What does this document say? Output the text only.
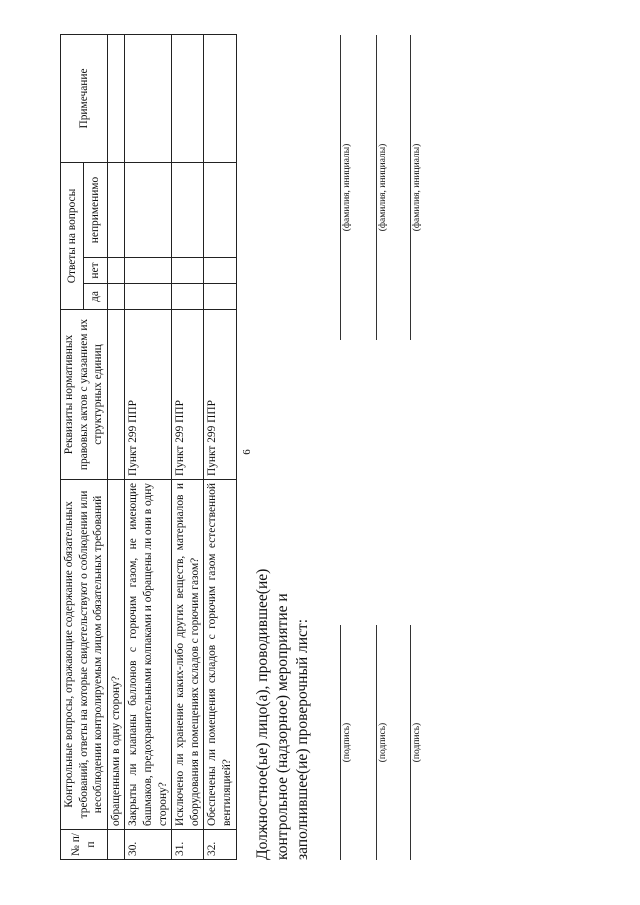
6
№ п/п	Контрольные вопросы, отражающие содержание обязательных требований, ответы на которые свидетельствуют о соблюдении или несоблюдении контролируемым лицом обязательных требований	Реквизиты нормативных правовых актов с указанием их структурных единиц	Ответы на вопросы			Примечание
			да	нет	неприменимо	
	обращенными в одну сторону?					
30.	Закрыты ли клапаны баллонов с горючим газом, не имеющие башмаков, предохранительными колпаками и обращены ли они в одну сторону?	Пункт 299 ППР				
31.	Исключено ли хранение каких-либо других веществ, материалов и оборудования в помещениях складов с горючим газом?	Пункт 299 ППР				
32.	Обеспечены ли помещения складов с горючим газом естественной вентиляцией?	Пункт 299 ППР				
Должностное(ые) лицо(а), проводившее(ие) контрольное (надзорное) мероприятие и заполнившее(ие) проверочный лист:	(подпись)
(фамилия, инициалы)
(подпись)
(фамилия, инициалы)
(подпись)
(фамилия, инициалы)
